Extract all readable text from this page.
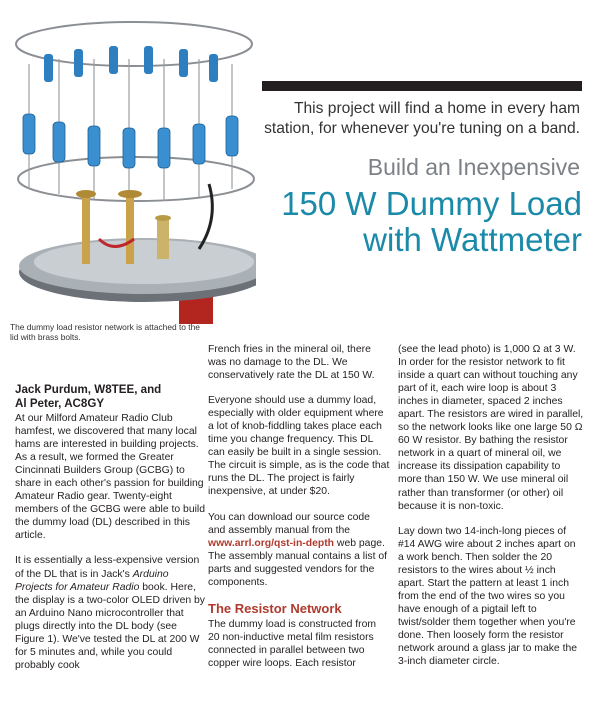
The dummy load resistor network is attached to the lid with brass bolts.
This project will find a home in every ham station, for whenever you're tuning on a band.
Build an Inexpensive
150 W Dummy Load
with Wattmeter
Jack Purdum, W8TEE, and
Al Peter, AC8GY

At our Milford Amateur Radio Club hamfest, we discovered that many local hams are interested in building projects. As a result, we formed the Greater Cincinnati Builders Group (GCBG) to share in each other's passion for building Amateur Radio gear. Twenty-eight members of the GCBG were able to build the dummy load (DL) described in this article.

It is essentially a less-expensive version of the DL that is in Jack's Arduino Projects for Amateur Radio book. Here, the display is a two-color OLED driven by an Arduino Nano microcontroller that plugs directly into the DL body (see Figure 1). We've tested the DL at 200 W for 5 minutes and, while you could probably cook

French fries in the mineral oil, there was no damage to the DL. We conservatively rate the DL at 150 W.

Everyone should use a dummy load, especially with older equipment where a lot of knob-fiddling takes place each time you change frequency. This DL can easily be built in a single session. The circuit is simple, as is the code that runs the DL. The project is fairly inexpensive, at under $20.

You can download our source code and assembly manual from the www.arrl.org/qst-in-depth web page. The assembly manual contains a list of parts and suggested vendors for the components.

The Resistor Network

The dummy load is constructed from 20 non-inductive metal film resistors connected in parallel between two copper wire loops. Each resistor

(see the lead photo) is 1,000 Ω at 3 W. In order for the resistor network to fit inside a quart can without touching any part of it, each wire loop is about 3 inches in diameter, spaced 2 inches apart. The resistors are wired in parallel, so the network looks like one large 50 Ω 60 W resistor. By bathing the resistor network in a quart of mineral oil, we increase its dissipation capability to more than 150 W. We use mineral oil rather than transformer (or other) oil because it is non-toxic.

Lay down two 14-inch-long pieces of #14 AWG wire about 2 inches apart on a work bench. Then solder the 20 resistors to the wires about ½ inch apart. Start the pattern at least 1 inch from the end of the two wires so you have enough of a pigtail left to twist/solder them together when you're done. Then loosely form the resistor network around a glass jar to make the 3-inch diameter circle.
